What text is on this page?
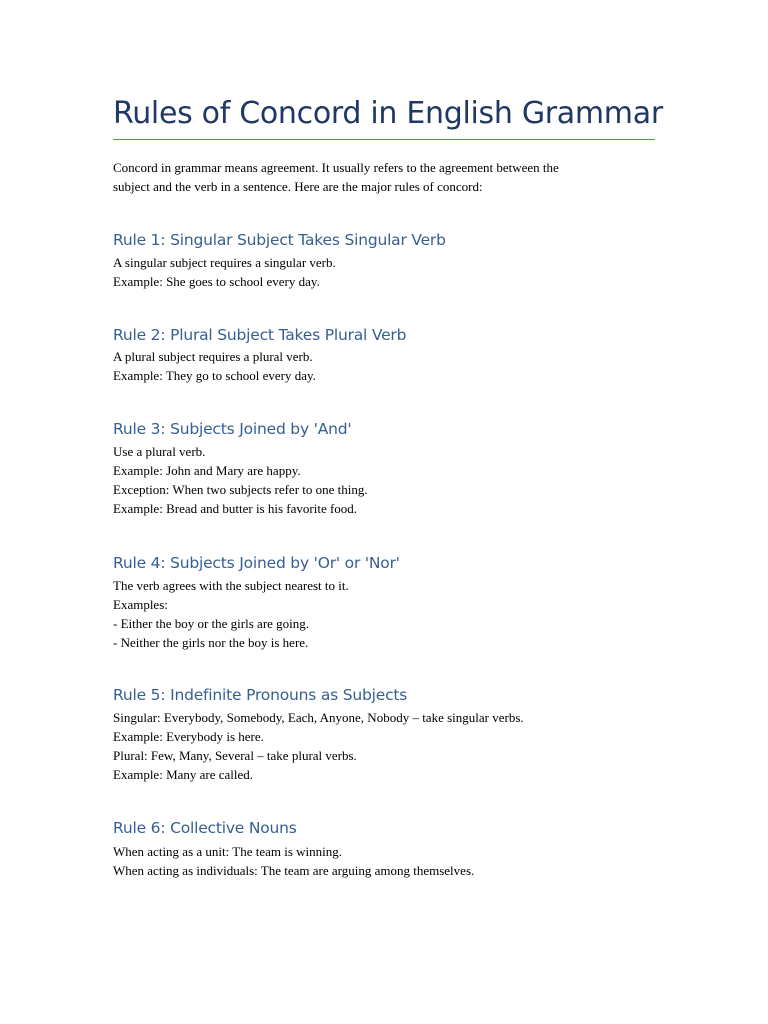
Rules of Concord in English Grammar

Concord in grammar means agreement. It usually refers to the agreement between the
subject and the verb in a sentence. Here are the major rules of concord:

Rule 1: Singular Subject Takes Singular Verb

A singular subject requires a singular verb.
Example: She goes to school every day.

Rule 2: Plural Subject Takes Plural Verb

A plural subject requires a plural verb.
Example: They go to school every day.

Rule 3: Subjects Joined by 'And'

Use a plural verb.
Example: John and Mary are happy.
Exception: When two subjects refer to one thing.
Example: Bread and butter is his favorite food.

Rule 4: Subjects Joined by 'Or' or 'Nor'

The verb agrees with the subject nearest to it.
Examples:
- Either the boy or the girls are going.
- Neither the girls nor the boy is here.

Rule 5: Indefinite Pronouns as Subjects

Singular: Everybody, Somebody, Each, Anyone, Nobody – take singular verbs.
Example: Everybody is here.
Plural: Few, Many, Several – take plural verbs.
Example: Many are called.

Rule 6: Collective Nouns

When acting as a unit: The team is winning.
When acting as individuals: The team are arguing among themselves.
